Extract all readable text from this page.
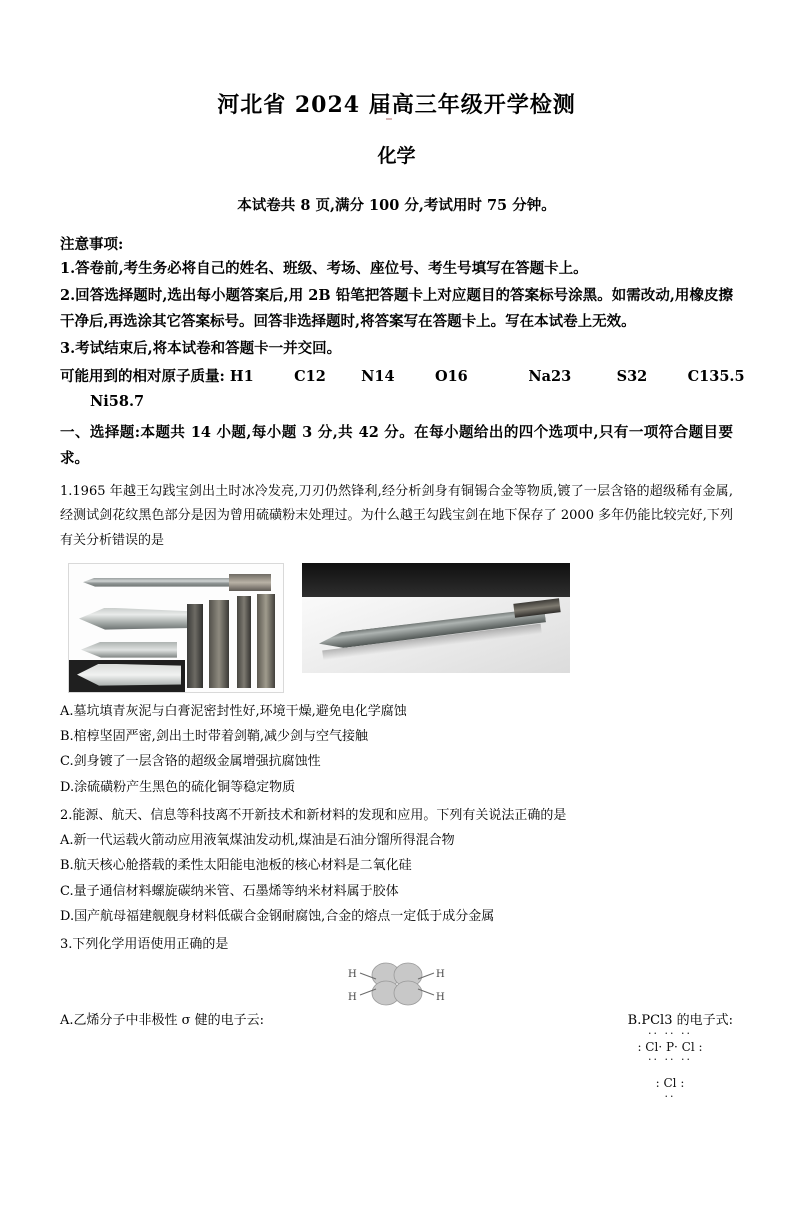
河北省 2024 届高三年级开学检测
化学
本试卷共 8 页,满分 100 分,考试用时 75 分钟。
注意事项:
1.答卷前,考生务必将自己的姓名、班级、考场、座位号、考生号填写在答题卡上。
2.回答选择题时,选出每小题答案后,用 2B 铅笔把答题卡上对应题目的答案标号涂黑。如需改动,用橡皮擦干净后,再选涂其它答案标号。回答非选择题时,将答案写在答题卡上。写在本试卷上无效。
3.考试结束后,将本试卷和答题卡一并交回。
可能用到的相对原子质量: H1        C12       N14        O16            Na23         S32        C135.5
Ni58.7
一、选择题:本题共 14 小题,每小题 3 分,共 42 分。在每小题给出的四个选项中,只有一项符合题目要求。
1.1965 年越王勾践宝剑出土时冰冷发亮,刀刃仍然锋利,经分析剑身有铜锡合金等物质,镀了一层含铬的超级稀有金属,经测试剑花纹黑色部分是因为曾用硫磺粉末处理过。为什么越王勾践宝剑在地下保存了 2000 多年仍能比较完好,下列有关分析错误的是
A.墓坑填青灰泥与白膏泥密封性好,环境干燥,避免电化学腐蚀
B.棺椁坚固严密,剑出土时带着剑鞘,减少剑与空气接触
C.剑身镀了一层含铬的超级金属增强抗腐蚀性
D.涂硫磺粉产生黑色的硫化铜等稳定物质
2.能源、航天、信息等科技离不开新技术和新材料的发现和应用。下列有关说法正确的是
A.新一代运载火箭动应用液氧煤油发动机,煤油是石油分馏所得混合物
B.航天核心舱搭载的柔性太阳能电池板的核心材料是二氧化硅
C.量子通信材料螺旋碳纳米管、石墨烯等纳米材料属于胶体
D.国产航母福建舰舰身材料低碳合金钢耐腐蚀,合金的熔点一定低于成分金属
3.下列化学用语使用正确的是
H
H
H
H
A.乙烯分子中非极性 σ 健的电子云:	B.PCl3 的电子式:
·· ·· ··
: Cl· P· Cl :
·· ·· ··
: Cl :
··
